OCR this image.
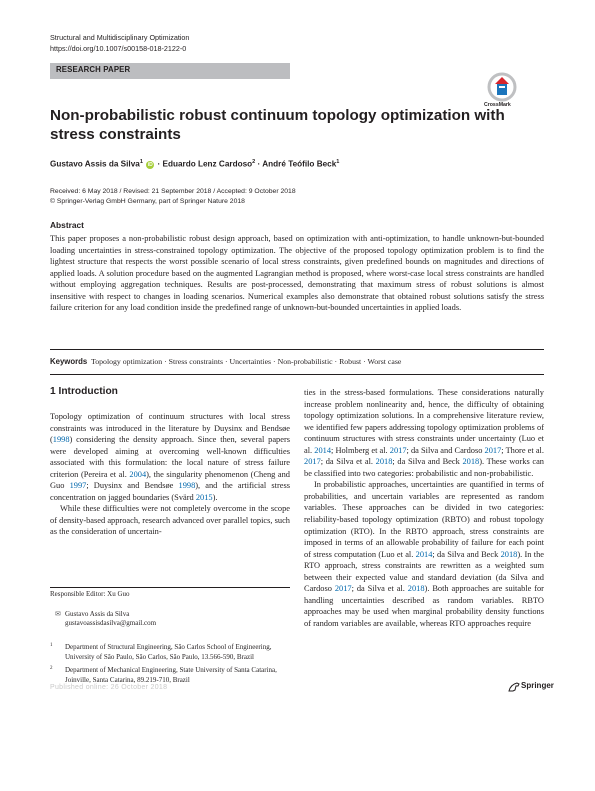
Structural and Multidisciplinary Optimization
https://doi.org/10.1007/s00158-018-2122-0
RESEARCH PAPER
CrossMark
Non-probabilistic robust continuum topology optimization with stress constraints
Gustavo Assis da Silva$^1$ iD · Eduardo Lenz Cardoso$^2$ · André Teófilo Beck$^1$
Received: 6 May 2018 / Revised: 21 September 2018 / Accepted: 9 October 2018
© Springer-Verlag GmbH Germany, part of Springer Nature 2018
Abstract
This paper proposes a non-probabilistic robust design approach, based on optimization with anti-optimization, to handle unknown-but-bounded loading uncertainties in stress-constrained topology optimization. The objective of the proposed topology optimization problem is to find the lightest structure that respects the worst possible scenario of local stress constraints, given predefined bounds on magnitudes and directions of applied loads. A solution procedure based on the augmented Lagrangian method is proposed, where worst-case local stress constraints are handled without employing aggregation techniques. Results are post-processed, demonstrating that maximum stress of robust solutions is almost insensitive with respect to changes in loading scenarios. Numerical examples also demonstrate that obtained robust solutions satisfy the stress failure criterion for any load condition inside the predefined range of unknown-but-bounded uncertainties in applied loads.
Keywords Topology optimization · Stress constraints · Uncertainties · Non-probabilistic · Robust · Worst case
1 Introduction

Topology optimization of continuum structures with local stress constraints was introduced in the literature by Duysinx and Bendsøe (1998) considering the density approach. Since then, several papers were developed aiming at overcoming well-known difficulties associated with this formulation: the local nature of stress failure criterion (Pereira et al. 2004), the singularity phenomenon (Cheng and Guo 1997; Duysinx and Bendsøe 1998), and the artificial stress concentration on jagged boundaries (Svärd 2015).

While these difficulties were not completely overcome in the scope of density-based approach, research advanced over parallel topics, such as the consideration of uncertain-

ties in the stress-based formulations. These considerations naturally increase problem nonlinearity and, hence, the difficulty of obtaining topology optimization solutions. In a comprehensive literature review, we identified few papers addressing topology optimization problems of continuum structures with stress constraints under uncertainty (Luo et al. 2014; Holmberg et al. 2017; da Silva and Cardoso 2017; Thore et al. 2017; da Silva et al. 2018; da Silva and Beck 2018). These works can be classified into two categories: probabilistic and non-probabilistic.

In probabilistic approaches, uncertainties are quantified in terms of probabilities, and uncertain variables are represented as random variables. These approaches can be divided in two categories: reliability-based topology optimization (RBTO) and robust topology optimization (RTO). In the RBTO approach, stress constraints are imposed in terms of an allowable probability of failure for each point of stress computation (Luo et al. 2014; da Silva and Beck 2018). In the RTO approach, stress constraints are rewritten as a weighted sum between their expected value and standard deviation (da Silva and Cardoso 2017; da Silva et al. 2018). Both approaches are suitable for handling uncertainties described as random variables. RBTO approaches may be used when marginal probability density functions of random variables are available, whereas RTO approaches require

Responsible Editor: Xu Guo
✉ Gustavo Assis da Silva
gustavoassisdasilva@gmail.com
1 Department of Structural Engineering, São Carlos School of Engineering, University of São Paulo, São Carlos, São Paulo, 13.566-590, Brazil
2 Department of Mechanical Engineering, State University of Santa Catarina, Joinville, Santa Catarina, 89.219-710, Brazil
Published online: 26 October 2018	Springer
